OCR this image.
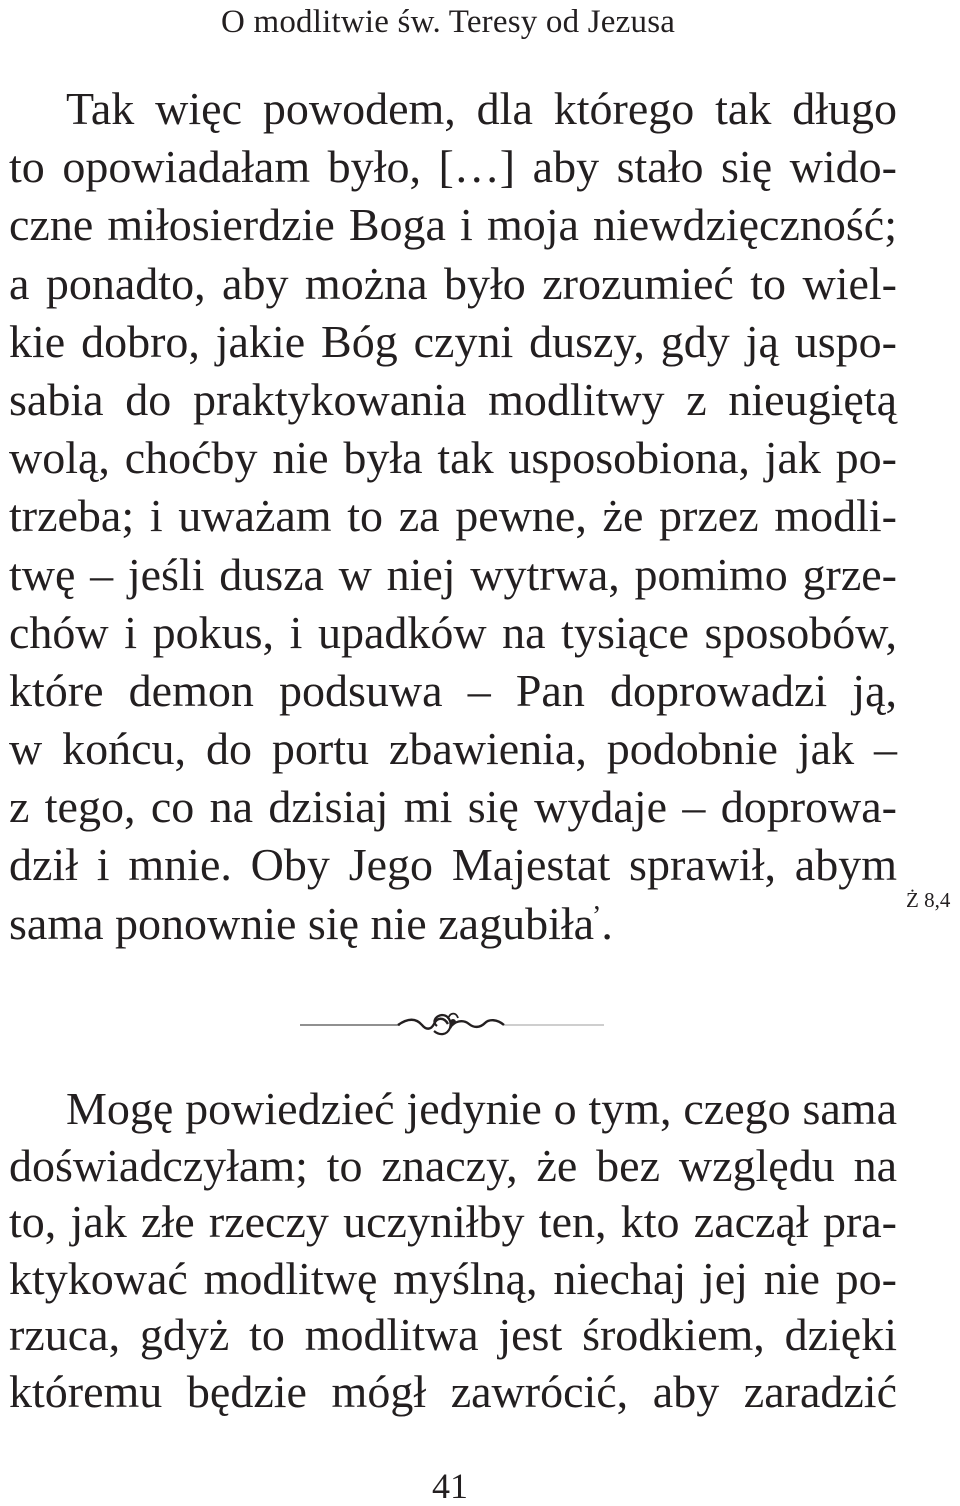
O modlitwie św. Teresy od Jezusa
Tak więc powodem, dla którego tak długo
to opowiadałam było, […] aby stało się wido-
czne miłosierdzie Boga i moja niewdzięczność;
a ponadto, aby można było zrozumieć to wiel-
kie dobro, jakie Bóg czyni duszy, gdy ją uspo-
sabia do praktykowania modlitwy z nieugiętą
wolą, choćby nie była tak usposobiona, jak po-
trzeba; i uważam to za pewne, że przez modli-
twę – jeśli dusza w niej wytrwa, pomimo grze-
chów i pokus, i upadków na tysiące sposobów,
które demon podsuwa – Pan doprowadzi ją,
w końcu, do portu zbawienia, podobnie jak –
z tego, co na dzisiaj mi się wydaje – doprowa-
dził i mnie. Oby Jego Majestat sprawił, abym
sama ponownie się nie zagubiła$^ʼ$.	Ż 8,4
Mogę powiedzieć jedynie o tym, czego sama
doświadczyłam; to znaczy, że bez względu na
to, jak złe rzeczy uczyniłby ten, kto zaczął pra-
ktykować modlitwę myślną, niechaj jej nie po-
rzuca, gdyż to modlitwa jest środkiem, dzięki
któremu będzie mógł zawrócić, aby zaradzić
41
